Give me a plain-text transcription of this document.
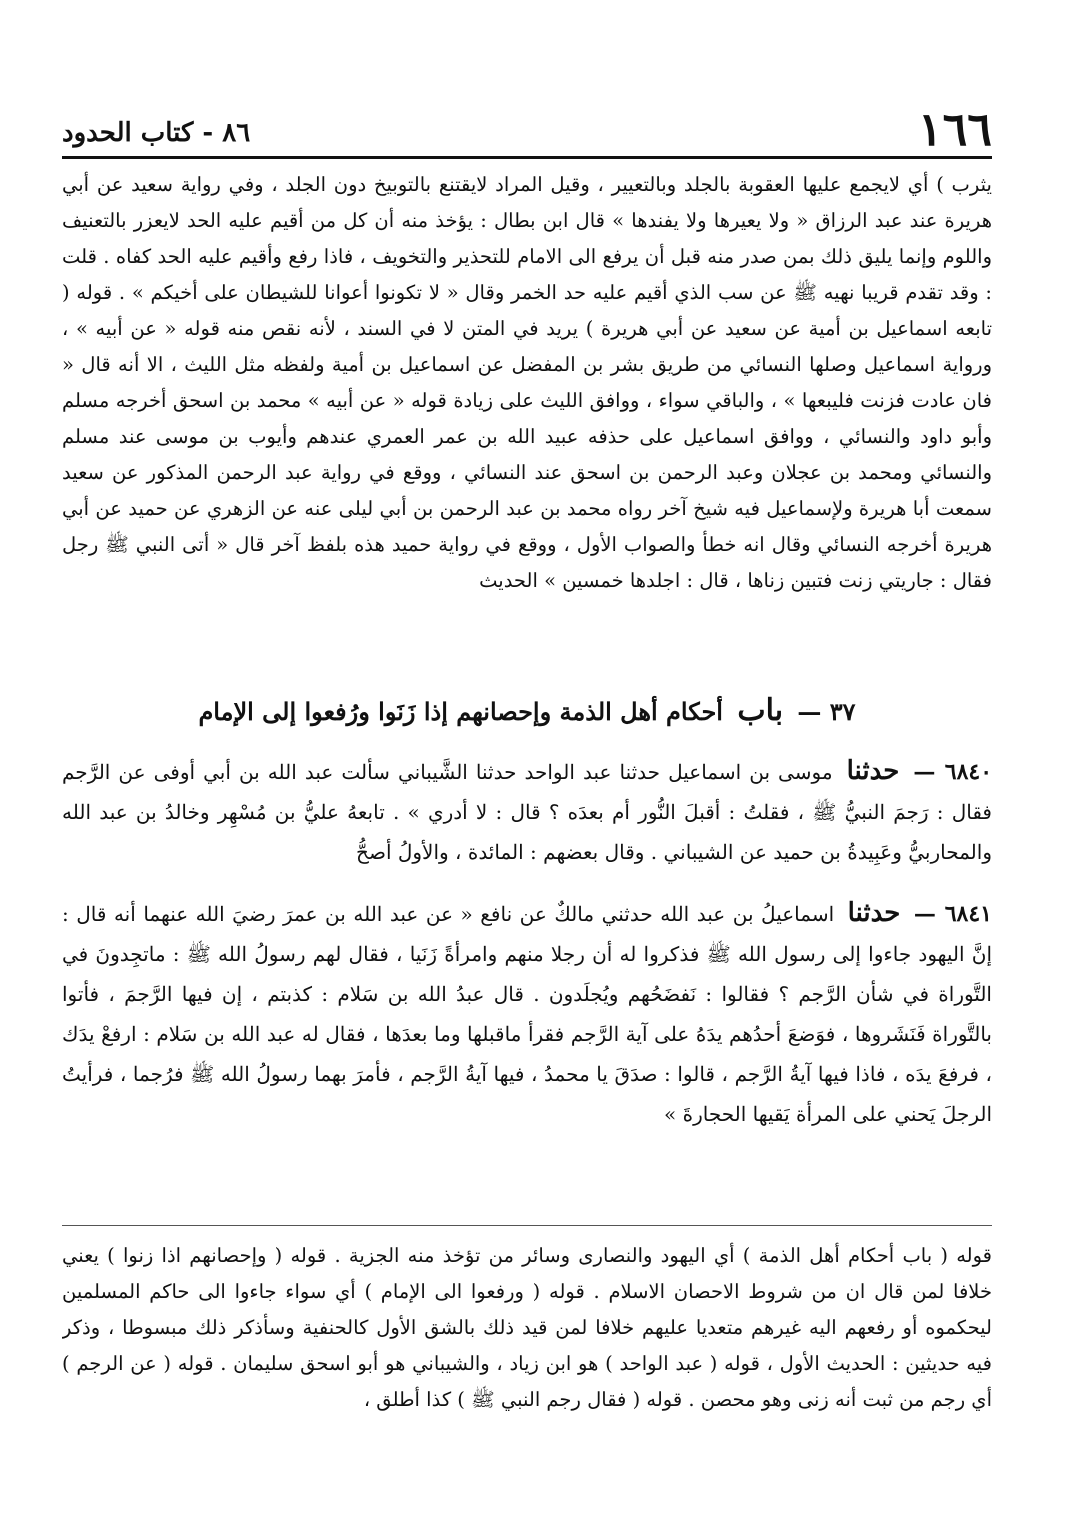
١٦٦
٨٦ - كتاب الحدود

يثرب ) أي لايجمع عليها العقوبة بالجلد وبالتعيير ، وقيل المراد لايقتنع بالتوبيخ دون الجلد ، وفي رواية سعيد عن أبي هريرة عند عبد الرزاق « ولا يعيرها ولا يفندها » قال ابن بطال : يؤخذ منه أن كل من أقيم عليه الحد لايعزر بالتعنيف واللوم وإنما يليق ذلك بمن صدر منه قبل أن يرفع الى الامام للتحذير والتخويف ، فاذا رفع وأقيم عليه الحد كفاه . قلت : وقد تقدم قريبا نهيه ﷺ عن سب الذي أقيم عليه حد الخمر وقال « لا تكونوا أعوانا للشيطان على أخيكم » . قوله ( تابعه اسماعيل بن أمية عن سعيد عن أبي هريرة ) يريد في المتن لا في السند ، لأنه نقص منه قوله « عن أبيه » ، ورواية اسماعيل وصلها النسائي من طريق بشر بن المفضل عن اسماعيل بن أمية ولفظه مثل الليث ، الا أنه قال « فان عادت فزنت فليبعها » ، والباقي سواء ، ووافق الليث على زيادة قوله « عن أبيه » محمد بن اسحق أخرجه مسلم وأبو داود والنسائي ، ووافق اسماعيل على حذفه عبيد الله بن عمر العمري عندهم وأيوب بن موسى عند مسلم والنسائي ومحمد بن عجلان وعبد الرحمن بن اسحق عند النسائي ، ووقع في رواية عبد الرحمن المذكور عن سعيد سمعت أبا هريرة ولإسماعيل فيه شيخ آخر رواه محمد بن عبد الرحمن بن أبي ليلى عنه عن الزهري عن حميد عن أبي هريرة أخرجه النسائي وقال انه خطأ والصواب الأول ، ووقع في رواية حميد هذه بلفظ آخر قال « أتى النبي ﷺ رجل فقال : جاريتي زنت فتبين زناها ، قال : اجلدها خمسين » الحديث

٣٧ — باب أحكام أهل الذمة وإحصانهم إذا زَنَوا ورُفعوا إلى الإمام

٦٨٤٠ — حدثنا موسى بن اسماعيل حدثنا عبد الواحد حدثنا الشَّيباني سألت عبد الله بن أبي أوفى عن الرَّجم فقال : رَجمَ النبيُّ ﷺ ، فقلتُ : أقبلَ النُّور أم بعدَه ؟ قال : لا أدري » . تابعهُ عليُّ بن مُسْهِر وخالدُ بن عبد الله والمحاربيُّ وعَبِيدةُ بن حميد عن الشيباني . وقال بعضهم : المائدة ، والأولُ أصحُّ

٦٨٤١ — حدثنا اسماعيلُ بن عبد الله حدثني مالكٌ عن نافع « عن عبد الله بن عمرَ رضيَ الله عنهما أنه قال : إنَّ اليهود جاءوا إلى رسول الله ﷺ فذكروا له أن رجلا منهم وامرأةً زَنَيا ، فقال لهم رسولُ الله ﷺ : ماتجِدونَ في التَّوراة في شأن الرَّجم ؟ فقالوا : نَفضَحُهم ويُجلَدون . قال عبدُ الله بن سَلام : كذبتم ، إن فيها الرَّجمَ ، فأتوا بالتَّوراة فَنَشَروها ، فوَضعَ أحدُهم يدَهُ على آية الرَّجم فقرأ ماقبلها وما بعدَها ، فقال له عبد الله بن سَلام : ارفعْ يدَك ، فرفعَ يدَه ، فاذا فيها آيةُ الرَّجم ، قالوا : صدَقَ يا محمدُ ، فيها آيةُ الرَّجم ، فأمرَ بهما رسولُ الله ﷺ فرُجما ، فرأيتُ الرجلَ يَحني على المرأة يَقيها الحجارةَ »

قوله ( باب أحكام أهل الذمة ) أي اليهود والنصارى وسائر من تؤخذ منه الجزية . قوله ( وإحصانهم اذا زنوا ) يعني خلافا لمن قال ان من شروط الاحصان الاسلام . قوله ( ورفعوا الى الإمام ) أي سواء جاءوا الى حاكم المسلمين ليحكموه أو رفعهم اليه غيرهم متعديا عليهم خلافا لمن قيد ذلك بالشق الأول كالحنفية وسأذكر ذلك مبسوطا ، وذكر فيه حديثين : الحديث الأول ، قوله ( عبد الواحد ) هو ابن زياد ، والشيباني هو أبو اسحق سليمان . قوله ( عن الرجم ) أي رجم من ثبت أنه زنى وهو محصن . قوله ( فقال رجم النبي ﷺ ) كذا أطلق ،
